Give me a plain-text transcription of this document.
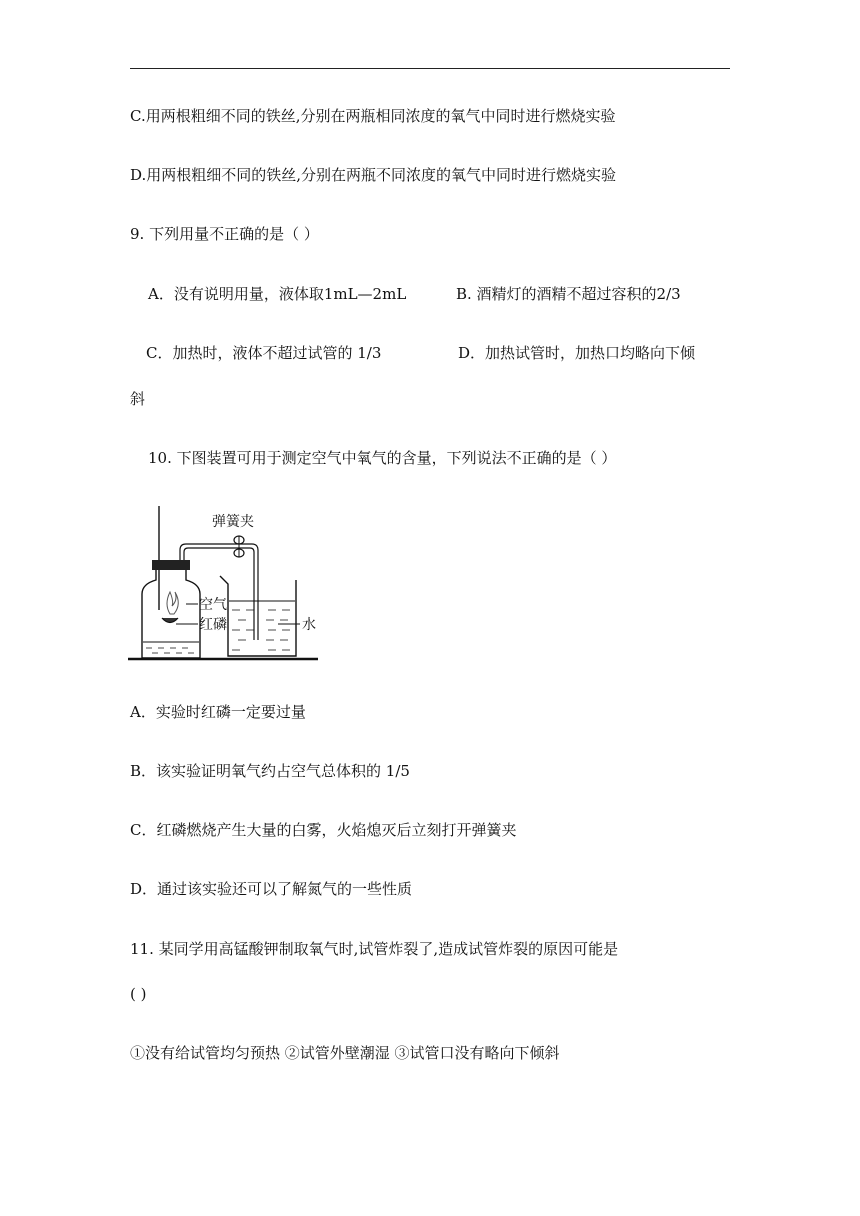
C.用两根粗细不同的铁丝,分别在两瓶相同浓度的氧气中同时进行燃烧实验
D.用两根粗细不同的铁丝,分别在两瓶不同浓度的氧气中同时进行燃烧实验
9. 下列用量不正确的是（ ）
A．没有说明用量，液体取1mL—2mL	B. 酒精灯的酒精不超过容积的2/3
C．加热时，液体不超过试管的 1/3	D．加热试管时，加热口均略向下倾
斜
10. 下图装置可用于测定空气中氧气的含量，下列说法不正确的是（ ）
弹簧夹
空气
红磷	水
A．实验时红磷一定要过量
B．该实验证明氧气约占空气总体积的 1/5
C．红磷燃烧产生大量的白雾，火焰熄灭后立刻打开弹簧夹
D．通过该实验还可以了解氮气的一些性质
11. 某同学用高锰酸钾制取氧气时,试管炸裂了,造成试管炸裂的原因可能是
( )
①没有给试管均匀预热 ②试管外壁潮湿 ③试管口没有略向下倾斜
